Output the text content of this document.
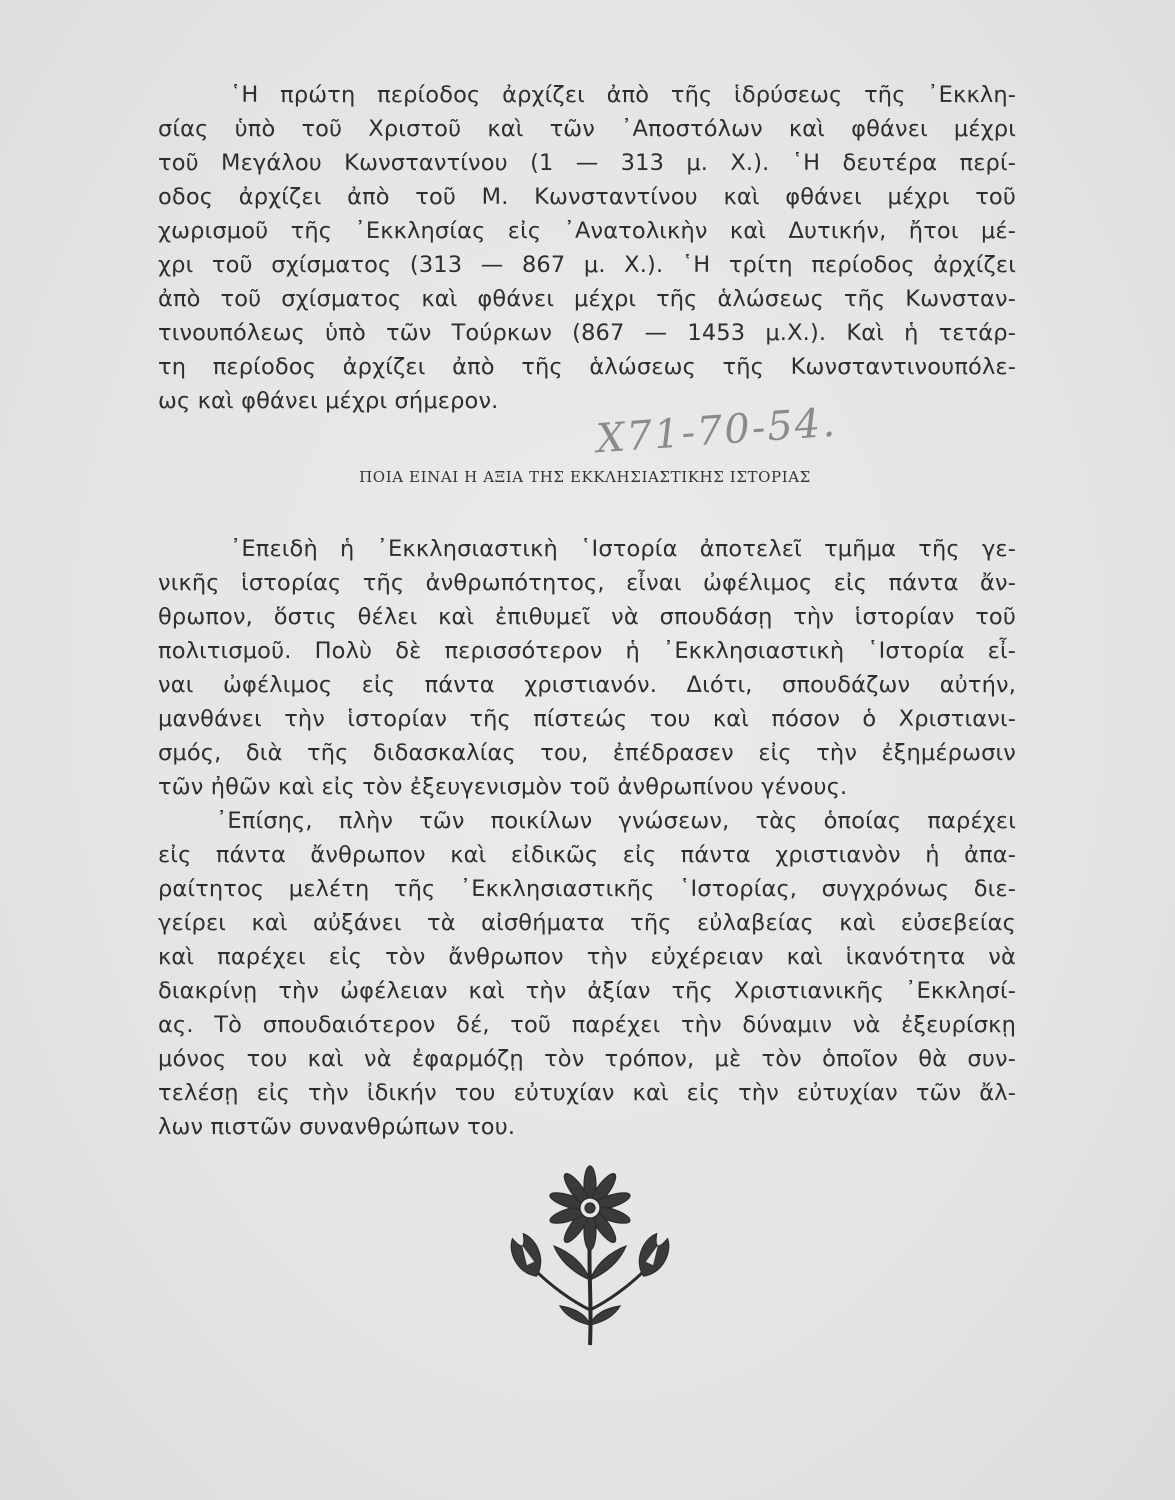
῾Η πρώτη περίοδος ἀρχίζει ἀπὸ τῆς ἱδρύσεως τῆς ᾿Εκκλη-
σίας ὑπὸ τοῦ Χριστοῦ καὶ τῶν ᾿Αποστόλων καὶ φθάνει μέχρι
τοῦ Μεγάλου Κωνσταντίνου (1 — 313 μ. Χ.). ῾Η δευτέρα περί-
οδος ἀρχίζει ἀπὸ τοῦ Μ. Κωνσταντίνου καὶ φθάνει μέχρι τοῦ
χωρισμοῦ τῆς ᾿Εκκλησίας εἰς ᾿Ανατολικὴν καὶ Δυτικήν, ἤτοι μέ-
χρι τοῦ σχίσματος (313 — 867 μ. Χ.). ῾Η τρίτη περίοδος ἀρχίζει
ἀπὸ τοῦ σχίσματος καὶ φθάνει μέχρι τῆς ἁλώσεως τῆς Κωνσταν-
τινουπόλεως ὑπὸ τῶν Τούρκων (867 — 1453 μ.Χ.). Καὶ ἡ τετάρ-
τη περίοδος ἀρχίζει ἀπὸ τῆς ἁλώσεως τῆς Κωνσταντινουπόλε-
ως καὶ φθάνει μέχρι σήμερον.	Χ71-70-54.
ΠΟΙΑ ΕΙΝΑΙ Η ΑΞΙΑ ΤΗΣ ΕΚΚΛΗΣΙΑΣΤΙΚΗΣ ΙΣΤΟΡΙΑΣ
᾿Επειδὴ ἡ ᾿Εκκλησιαστικὴ ῾Ιστορία ἀποτελεῖ τμῆμα τῆς γε-
νικῆς ἱστορίας τῆς ἀνθρωπότητος, εἶναι ὠφέλιμος εἰς πάντα ἄν-
θρωπον, ὅστις θέλει καὶ ἐπιθυμεῖ νὰ σπουδάσῃ τὴν ἱστορίαν τοῦ
πολιτισμοῦ. Πολὺ δὲ περισσότερον ἡ ᾿Εκκλησιαστικὴ ῾Ιστορία εἶ-
ναι ὠφέλιμος εἰς πάντα χριστιανόν. Διότι, σπουδάζων αὐτήν,
μανθάνει τὴν ἱστορίαν τῆς πίστεώς του καὶ πόσον ὁ Χριστιανι-
σμός, διὰ τῆς διδασκαλίας του, ἐπέδρασεν εἰς τὴν ἐξημέρωσιν
τῶν ἠθῶν καὶ εἰς τὸν ἐξευγενισμὸν τοῦ ἀνθρωπίνου γένους.
᾿Επίσης, πλὴν τῶν ποικίλων γνώσεων, τὰς ὁποίας παρέχει
εἰς πάντα ἄνθρωπον καὶ εἰδικῶς εἰς πάντα χριστιανὸν ἡ ἀπα-
ραίτητος μελέτη τῆς ᾿Εκκλησιαστικῆς ῾Ιστορίας, συγχρόνως διε-
γείρει καὶ αὐξάνει τὰ αἰσθήματα τῆς εὐλαβείας καὶ εὐσεβείας
καὶ παρέχει εἰς τὸν ἄνθρωπον τὴν εὐχέρειαν καὶ ἱκανότητα νὰ
διακρίνῃ τὴν ὠφέλειαν καὶ τὴν ἀξίαν τῆς Χριστιανικῆς ᾿Εκκλησί-
ας. Τὸ σπουδαιότερον δέ, τοῦ παρέχει τὴν δύναμιν νὰ ἐξευρίσκῃ
μόνος του καὶ νὰ ἐφαρμόζῃ τὸν τρόπον, μὲ τὸν ὁποῖον θὰ συν-
τελέσῃ εἰς τὴν ἰδικήν του εὐτυχίαν καὶ εἰς τὴν εὐτυχίαν τῶν ἄλ-
λων πιστῶν συνανθρώπων του.
